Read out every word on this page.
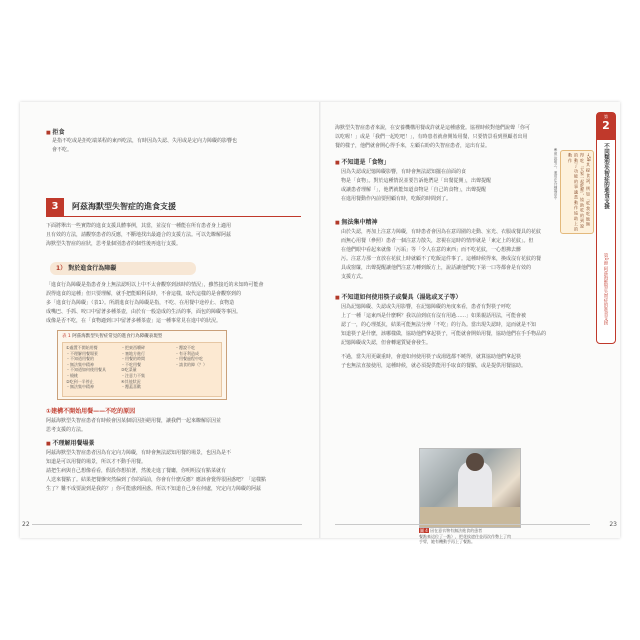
■ 拒食
是指不吃或是拒吃端菜程的東西吃法，有時因為失認、失用或是定向力障礙的影響也
會不吃。
3	阿茲海默型失智症的進食支援
下面將舉出一些實際的進食支援具體事例，其當，並沒有一種能在所有患者身上適用
且有效的方法，請觀察患者的反應，不斷地找出最適合的支援方法。可以先瞭解阿茲
海默型失智症的症狀，思考量個別患者的個性後再進行支援。
1） 對於進食行為障礙
「進食行為障礙是指患者身上無法認明以上中不太會觀察到該時的情況」，雖然接近的未知時可能會
誤得進食的這種」但只要理解，就手把能順利長時，不會這樣，取代這樣的是會觀察到的
多「進食行為障礙」（表1）。所謂進食行為障礙是指，不吃、在用餐中途停止、食物造
成嘴巴、手抓、咬口中留著多種茶壺，由於有一般造成的生活的事，面包的障礙等事因。
成像是否不吃，在「食物適到口中留著多種茶壺」這一種事常見在進中的狀況。
表 1 阿茲海默型失智症常見的進食行為障礙表現型
①處置不開始用餐
・不理解用餐場景
・不知道用餐的
・無法集中精神
・不知道如何使用餐具
・燒桃
②吃到一半停止
・無法集中精神
・把東西嚼碎
・塞地方進行
・用餐的時間
・不吃用餐
③吃菜量
・注意力不集
④其他狀況
・覆蓋喜歡
・覆說不吃
・有牙利造成
・用餐過程中吃
・請食的障（？）
①建構不開始用餐——不吃的原因
阿茲海默型失智症患者有時候會因某個原因拒絕用餐，讓我們一起來瞭解原因並
思考支援的方法。
■ 不理解用餐場景
阿茲海默型失智症患者因為有定向力障礙，有時會無法認知用餐的場景，也因為是不
知道是可以用餐的場景，所以才不動手用餐。
請把生病與自己想像看看，假設你想拍著，然後走進了餐廳，你明明沒有點菜就有
人送來餐點了。結果把餐盤突然偏到了你的面前，你會有什麼反應？應該會覺得很困惑吧？「這樣點
生了？難不成要說到是我的？」你可能感到困惑。所以不知道自己身在何處，究定向力障礙的阿茲
22
海默型失智症患者來說，在安養機構用餐或許就是這種感覺。協裡時候對他們說聲「你可
以吃喔！」或是「我們一起吃吧！」，有時患者就會開始用餐，只要情景看到照顧者出用
餐的樣子，他們就會開心得手來，左顧右盼的失智症患者，這出有益。
■ 不知道是「食物」
因為失認或記憶障礙影響，有時會無法認知擺在前面的食
物是「食物」。對於這種情況並要告訴他們是「出餐從開」，出聲提醒
或讓患者理解「」，他們就能知道食物是「自己的食物」，出聲提醒
在進用餐動作內前要照顧有時，吃飯的時間到了。	參照 說明之，運用在各種場景中	→59 其 提 食 詞，例 如 「吃 我 吃 飯 無 得 吃 「大家一起吃喔」，協 助 吃 的 到 說 的 動 了 功 能 的 事 適 當 動 作 協 助 上 的 動 作
■ 無法集中精神
由於失認，再加上注意力障礙，有時患者會因為在意周圍的走動、室光、衣服或餐具的花紋
而無心用餐（參照）患者一個注意力散失，忽視在這時的情形就是「東定上的花紋」。但
在他們眼中看起來就像「污垢」等「令人在意的東西」而不吃花紋，一心想拂去髒
污。注意力那一直放在花紋上時就顧不了吃飯這件事了。這種時候得來，換成沒有花紋的餐
具或窗簾，出聲提醒讓他們注意力轉到飯方上，說話讓他們吃下第一口等都會是有效的
支援方式。
■ 不知道如何使用筷子或餐具（湯匙或叉子等）
因為記憶障礙、失認或失用影響，在記憶障礙的角度來看，患者有對筷子呼吃
上了一種「這東西是什麼啊？我以前到底有沒有用過……」如果親話用法，可能會被
認了一，的心理抵抗，結果可能無法分辨「不吃」的行為。當出現失認時，這而就是不知
知道筷子是什麼，該哪樣做，協助他們拿起筷子，可能就會開始用餐，協助他們在手手物品的
記憶障礙或失認，但會轉還質疑會發生。
不過，當失用更嚴重時，會連如何使用筷子或湯匙都不曉得，就算協助他們拿起筷
子也無法直接使用，這種時候，就必須提供能用手取食的餐點，或是提供用餐協助。
圖 4 因在意衣物有無法進食的患者
餐點來這位了一點），把花紋遮住並再次作勢上了肉
手臂，她有機動手再上了餐點。
第
2
不同類型失智症的進食支援
第1節 阿茲海默型失智症的進食支援
23
